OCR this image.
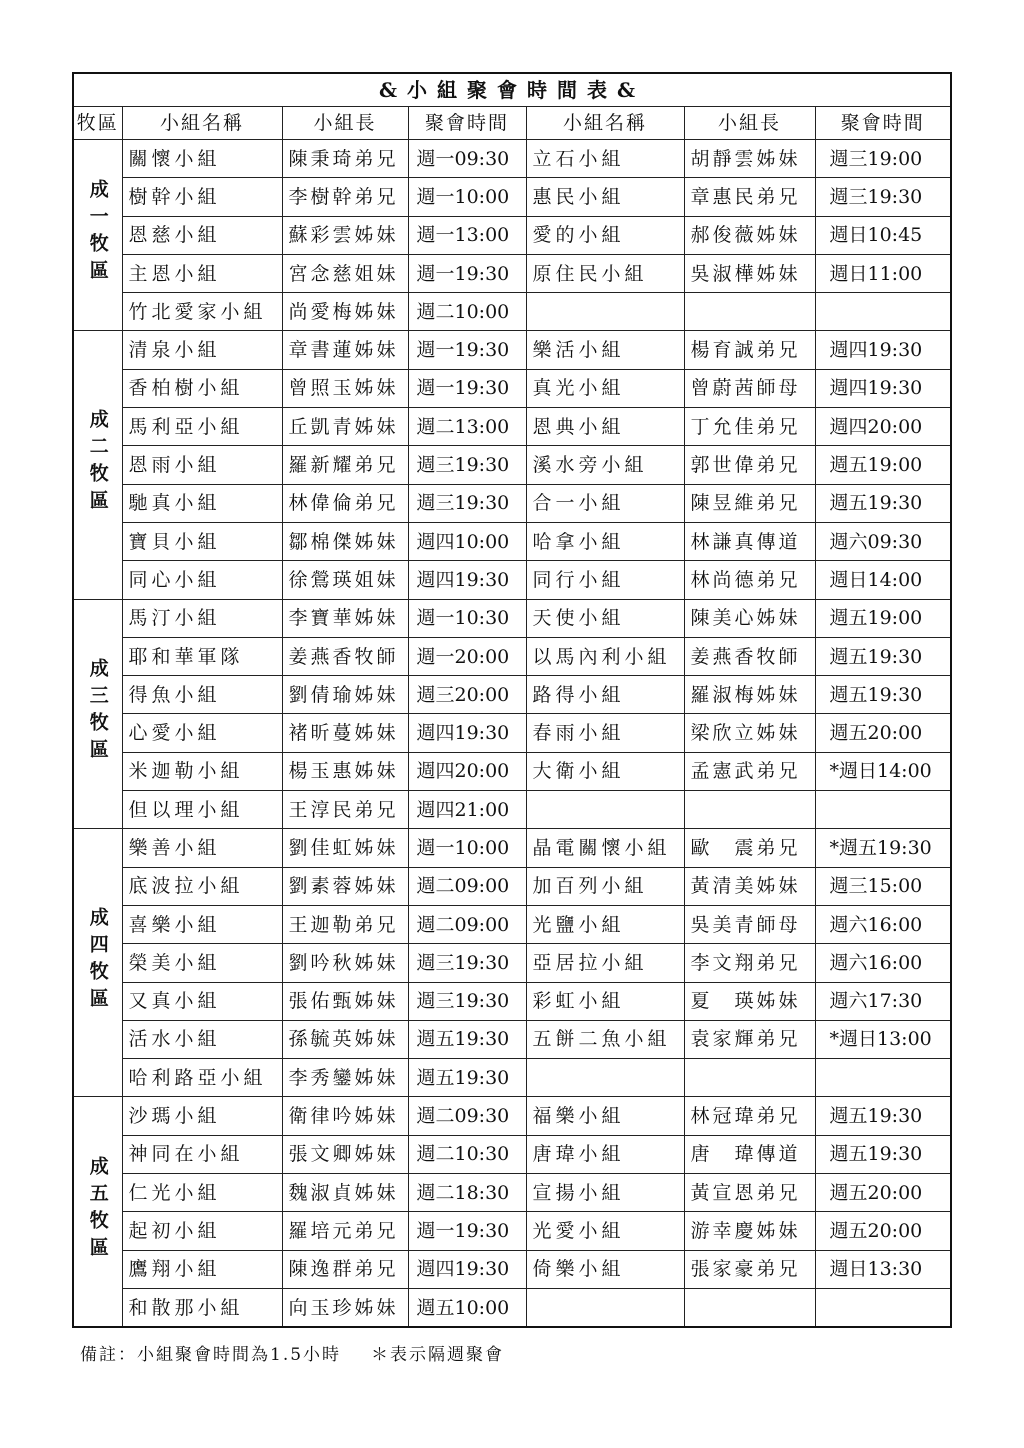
&小組聚會時間表&						
牧區	小組名稱	小組長	聚會時間	小組名稱	小組長	聚會時間
成一牧區	關懷小組	陳秉琦弟兄	週一09:30	立石小組	胡靜雲姊妹	週三19:00
	樹幹小組	李樹幹弟兄	週一10:00	惠民小組	章惠民弟兄	週三19:30
	恩慈小組	蘇彩雲姊妹	週一13:00	愛的小組	郝俊薇姊妹	週日10:45
	主恩小組	宮念慈姐妹	週一19:30	原住民小組	吳淑樺姊妹	週日11:00
	竹北愛家小組	尚愛梅姊妹	週二10:00			
成二牧區	清泉小組	章書蓮姊妹	週一19:30	樂活小組	楊育誠弟兄	週四19:30
	香柏樹小組	曾照玉姊妹	週一19:30	真光小組	曾蔚茜師母	週四19:30
	馬利亞小組	丘凱青姊妹	週二13:00	恩典小組	丁允佳弟兄	週四20:00
	恩雨小組	羅新耀弟兄	週三19:30	溪水旁小組	郭世偉弟兄	週五19:00
	馳真小組	林偉倫弟兄	週三19:30	合一小組	陳昱維弟兄	週五19:30
	寶貝小組	鄒棉傑姊妹	週四10:00	哈拿小組	林謙真傳道	週六09:30
	同心小組	徐鶯瑛姐妹	週四19:30	同行小組	林尚德弟兄	週日14:00
成三牧區	馬汀小組	李寶華姊妹	週一10:30	天使小組	陳美心姊妹	週五19:00
	耶和華軍隊	姜燕香牧師	週一20:00	以馬內利小組	姜燕香牧師	週五19:30
	得魚小組	劉倩瑜姊妹	週三20:00	路得小組	羅淑梅姊妹	週五19:30
	心愛小組	褚昕蔓姊妹	週四19:30	春雨小組	梁欣立姊妹	週五20:00
	米迦勒小組	楊玉惠姊妹	週四20:00	大衛小組	孟憲武弟兄	*週日14:00
	但以理小組	王淳民弟兄	週四21:00			
成四牧區	樂善小組	劉佳虹姊妹	週一10:00	晶電關懷小組	歐　震弟兄	*週五19:30
	底波拉小組	劉素蓉姊妹	週二09:00	加百列小組	黃清美姊妹	週三15:00
	喜樂小組	王迦勒弟兄	週二09:00	光鹽小組	吳美青師母	週六16:00
	榮美小組	劉吟秋姊妹	週三19:30	亞居拉小組	李文翔弟兄	週六16:00
	又真小組	張佑甄姊妹	週三19:30	彩虹小組	夏　瑛姊妹	週六17:30
	活水小組	孫毓英姊妹	週五19:30	五餅二魚小組	袁家輝弟兄	*週日13:00
	哈利路亞小組	李秀鑾姊妹	週五19:30			
成五牧區	沙瑪小組	衛律吟姊妹	週二09:30	福樂小組	林冠瑋弟兄	週五19:30
	神同在小組	張文卿姊妹	週二10:30	唐瑋小組	唐　瑋傳道	週五19:30
	仁光小組	魏淑貞姊妹	週二18:30	宣揚小組	黃宣恩弟兄	週五20:00
	起初小組	羅培元弟兄	週一19:30	光愛小組	游幸慶姊妹	週五20:00
	鷹翔小組	陳逸群弟兄	週四19:30	倚樂小組	張家豪弟兄	週日13:30
	和散那小組	向玉珍姊妹	週五10:00			
備註：小組聚會時間為1.5小時 ＊表示隔週聚會
